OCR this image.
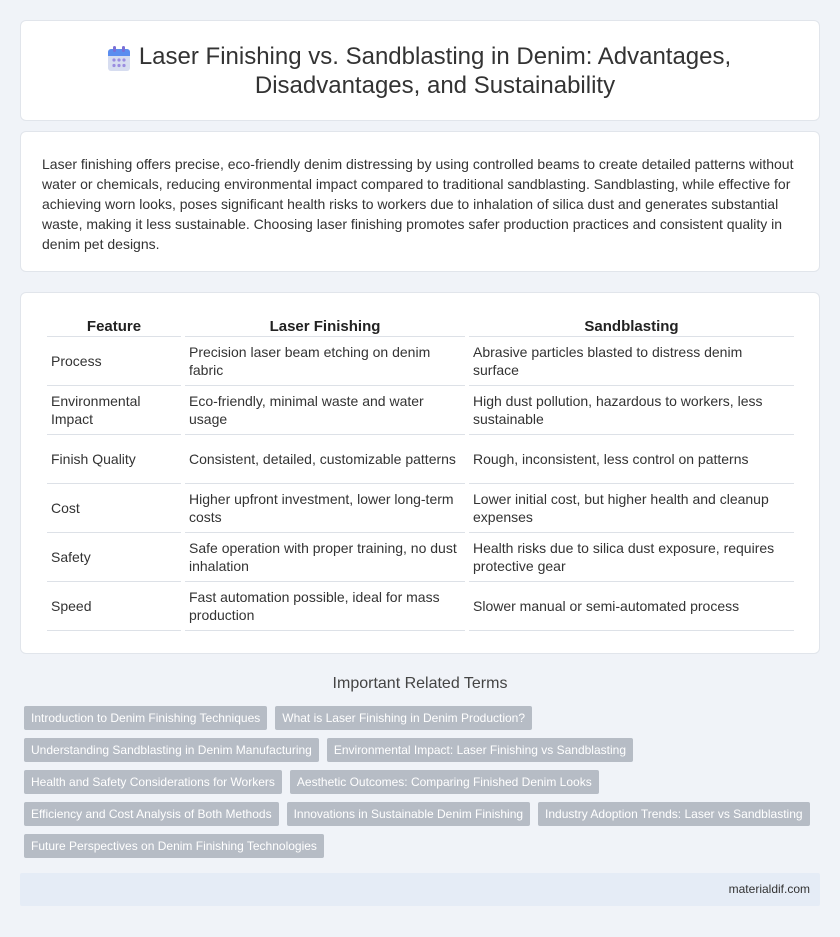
Laser Finishing vs. Sandblasting in Denim: Advantages, Disadvantages, and Sustainability

Laser finishing offers precise, eco-friendly denim distressing by using controlled beams to create detailed patterns without water or chemicals, reducing environmental impact compared to traditional sandblasting. Sandblasting, while effective for achieving worn looks, poses significant health risks to workers due to inhalation of silica dust and generates substantial waste, making it less sustainable. Choosing laser finishing promotes safer production practices and consistent quality in denim pet designs.

Feature	Laser Finishing	Sandblasting
Process	Precision laser beam etching on denim fabric	Abrasive particles blasted to distress denim surface
Environmental Impact	Eco-friendly, minimal waste and water usage	High dust pollution, hazardous to workers, less sustainable
Finish Quality	Consistent, detailed, customizable patterns	Rough, inconsistent, less control on patterns
Cost	Higher upfront investment, lower long-term costs	Lower initial cost, but higher health and cleanup expenses
Safety	Safe operation with proper training, no dust inhalation	Health risks due to silica dust exposure, requires protective gear
Speed	Fast automation possible, ideal for mass production	Slower manual or semi-automated process
Important Related Terms
Introduction to Denim Finishing Techniques	What is Laser Finishing in Denim Production?
Understanding Sandblasting in Denim Manufacturing	Environmental Impact: Laser Finishing vs Sandblasting
Health and Safety Considerations for Workers	Aesthetic Outcomes: Comparing Finished Denim Looks
Efficiency and Cost Analysis of Both Methods	Innovations in Sustainable Denim Finishing	Industry Adoption Trends: Laser vs Sandblasting
Future Perspectives on Denim Finishing Technologies
materialdif.com
